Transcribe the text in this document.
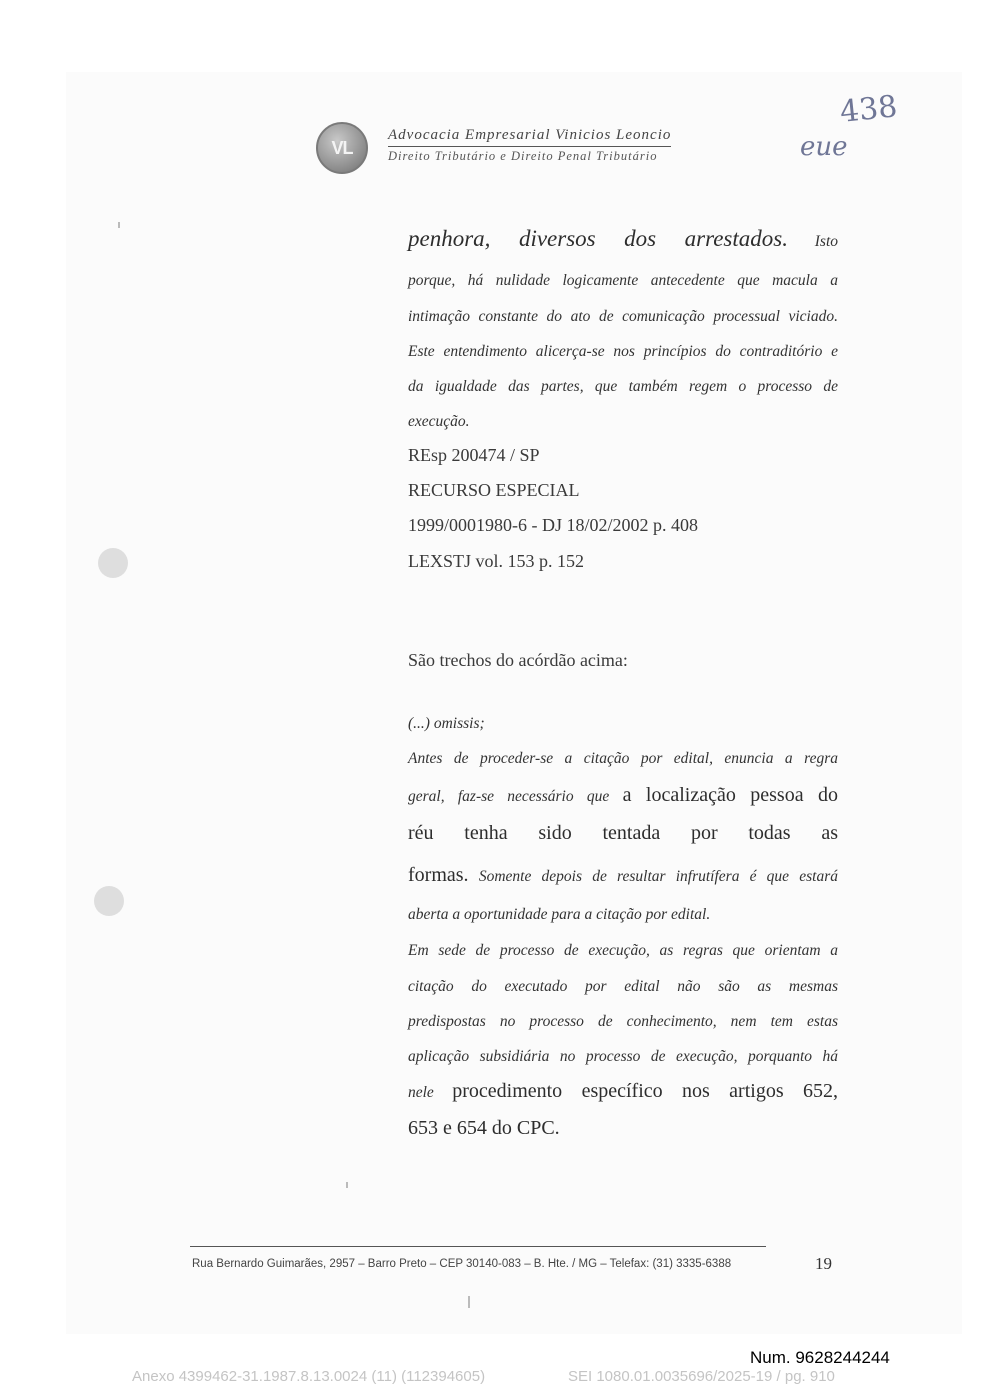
VL
Advocacia Empresarial Vinicios Leoncio
Direito Tributário e Direito Penal Tributário
438
eue
penhora, diversos dos arrestados. Isto
porque, há nulidade logicamente antecedente que macula a
intimação constante do ato de comunicação processual viciado.
Este entendimento alicerça-se nos princípios do contraditório e
da igualdade das partes, que também regem o processo de
execução.
REsp 200474 / SP
RECURSO ESPECIAL
1999/0001980-6 - DJ 18/02/2002 p. 408
LEXSTJ vol. 153 p. 152
São trechos do acórdão acima:
(...) omissis;
Antes de proceder-se a citação por edital, enuncia a regra
geral, faz-se necessário que a localização pessoa do
réu tenha sido tentada por todas as
formas. Somente depois de resultar infrutífera é que estará
aberta a oportunidade para a citação por edital.
Em sede de processo de execução, as regras que orientam a
citação do executado por edital não são as mesmas
predispostas no processo de conhecimento, nem tem estas
aplicação subsidiária no processo de execução, porquanto há
nele procedimento específico nos artigos 652,
653 e 654 do CPC.
Rua Bernardo Guimarães, 2957 – Barro Preto – CEP 30140-083 – B. Hte. / MG – Telefax: (31) 3335-6388	19
Num. 9628244244
Anexo 4399462-31.1987.8.13.0024 (11) (112394605)	SEI 1080.01.0035696/2025-19 / pg. 910
